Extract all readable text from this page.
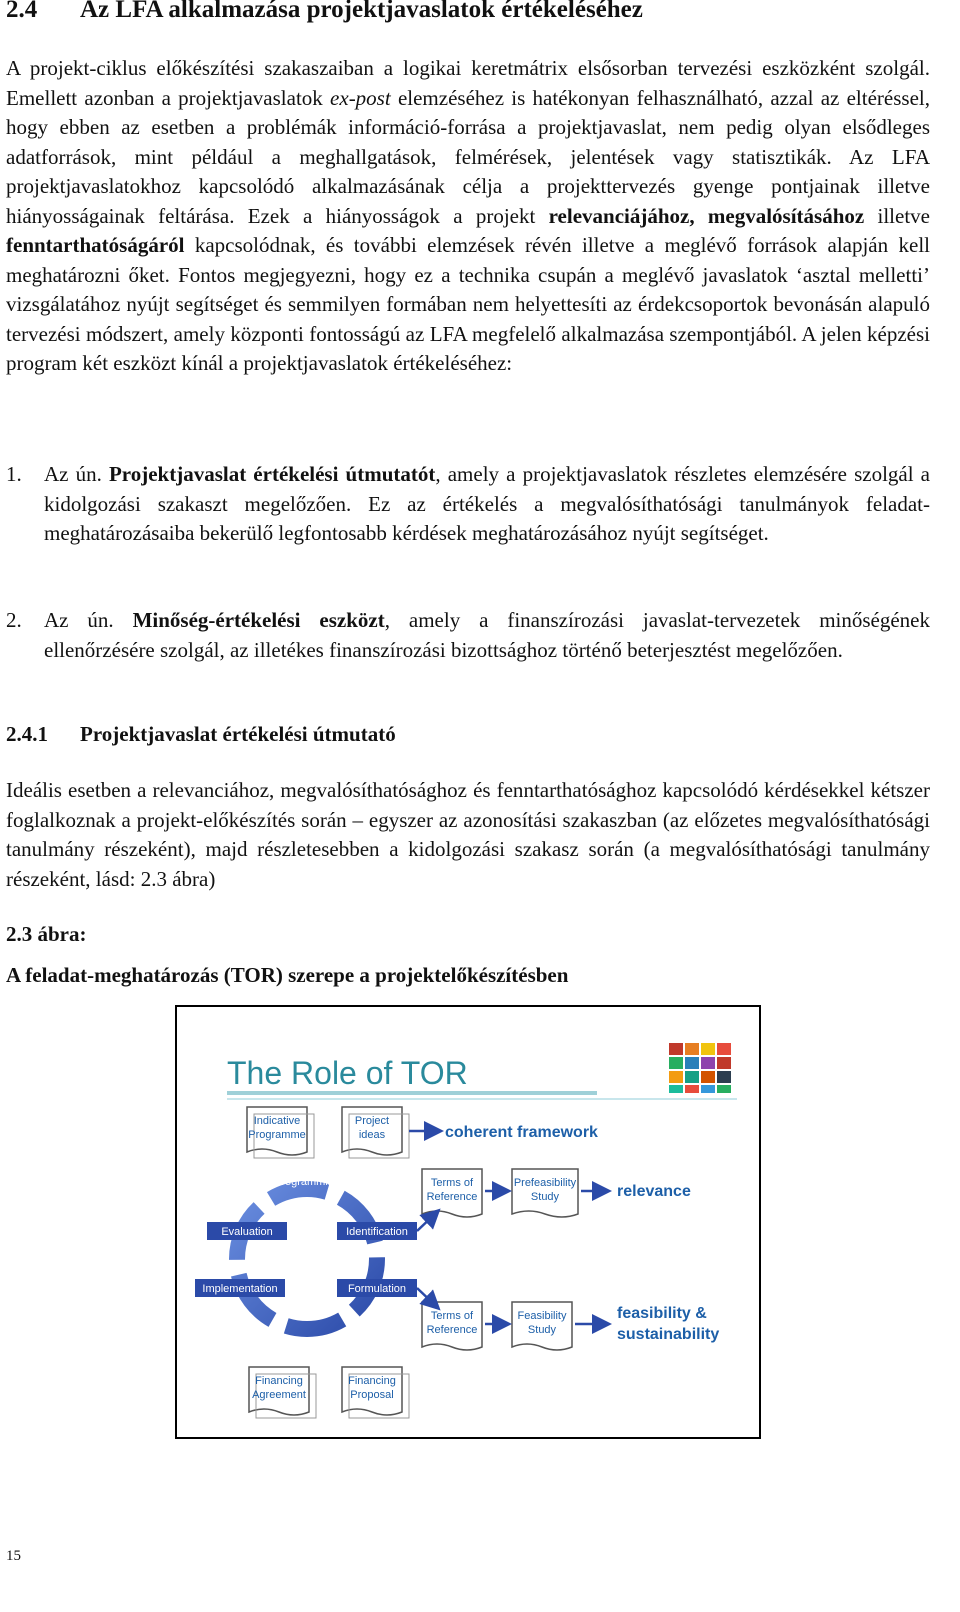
2.4 Az LFA alkalmazása projektjavaslatok értékeléséhez
A projekt-ciklus előkészítési szakaszaiban a logikai keretmátrix elsősorban tervezési eszközként szolgál. Emellett azonban a projektjavaslatok ex-post elemzéséhez is hatékonyan felhasználható, azzal az eltéréssel, hogy ebben az esetben a problémák információ-forrása a projektjavaslat, nem pedig olyan elsődleges adatforrások, mint például a meghallgatások, felmérések, jelentések vagy statisztikák. Az LFA projektjavaslatokhoz kapcsolódó alkalmazásának célja a projekttervezés gyenge pontjainak illetve hiányosságainak feltárása. Ezek a hiányosságok a projekt relevanciájához, megvalósításához illetve fenntarthatóságáról kapcsolódnak, és további elemzések révén illetve a meglévő források alapján kell meghatározni őket. Fontos megjegyezni, hogy ez a technika csupán a meglévő javaslatok ‘asztal melletti’ vizsgálatához nyújt segítséget és semmilyen formában nem helyettesíti az érdekcsoportok bevonásán alapuló tervezési módszert, amely központi fontosságú az LFA megfelelő alkalmazása szempontjából. A jelen képzési program két eszközt kínál a projektjavaslatok értékeléséhez:
1. Az ún. Projektjavaslat értékelési útmutatót, amely a projektjavaslatok részletes elemzésére szolgál a kidolgozási szakaszt megelőzően. Ez az értékelés a megvalósíthatósági tanulmányok feladat-meghatározásaiba bekerülő legfontosabb kérdések meghatározásához nyújt segítséget.
2. Az ún. Minőség-értékelési eszközt, amely a finanszírozási javaslat-tervezetek minőségének ellenőrzésére szolgál, az illetékes finanszírozási bizottsághoz történő beterjesztést megelőzően.
2.4.1 Projektjavaslat értékelési útmutató
Ideális esetben a relevanciához, megvalósíthatósághoz és fenntarthatósághoz kapcsolódó kérdésekkel kétszer foglalkoznak a projekt-előkészítés során – egyszer az azonosítási szakaszban (az előzetes megvalósíthatósági tanulmány részeként), majd részletesebben a kidolgozási szakasz során (a megvalósíthatósági tanulmány részeként, lásd: 2.3 ábra)
2.3 ábra:
A feladat-meghatározás (TOR) szerepe a projektelőkészítésben
The Role of TOR
Indicative
Programme
Project
ideas
Terms of
Reference
Prefeasibility
Study
Terms of
Reference
Feasibility
Study
Financing
Agreement
Financing
Proposal
Evaluation	Identification
Implementation	Formulation
Programming
Financing
coherent framework
relevance
feasibility &
sustainability
15
